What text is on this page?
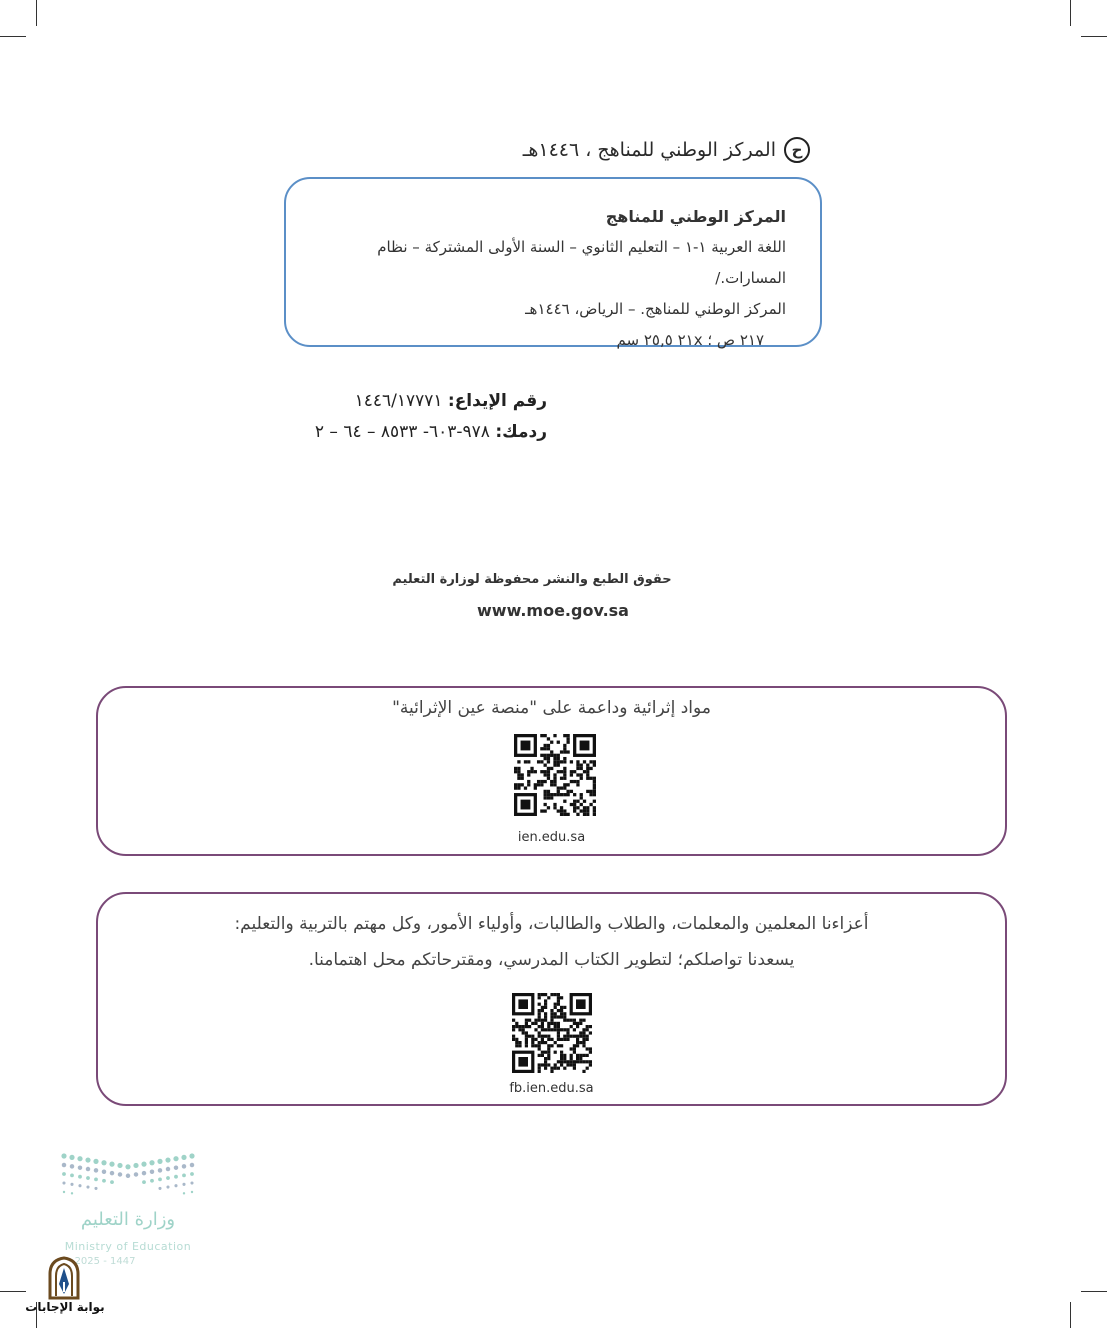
ح
المركز الوطني للمناهج ، ١٤٤٦هـ
المركز الوطني للمناهج
اللغة العربية ١-١ – التعليم الثانوي – السنة الأولى المشتركة – نظام المسارات./
المركز الوطني للمناهج. – الرياض، ١٤٤٦هـ
٢١٧ ص ؛ ٢١x ٢٥,٥ سم
رقم الإيداع: ١٤٤٦/١٧٧٧١
ردمك: ٩٧٨-٦٠٣- ٨٥٣٣ – ٦٤ – ٢
حقوق الطبع والنشر محفوظة لوزارة التعليم
www.moe.gov.sa
مواد إثرائية وداعمة على "منصة عين الإثرائية"
ien.edu.sa
أعزاءنا المعلمين والمعلمات، والطلاب والطالبات، وأولياء الأمور، وكل مهتم بالتربية والتعليم:
يسعدنا تواصلكم؛ لتطوير الكتاب المدرسي، ومقترحاتكم محل اهتمامنا.
fb.ien.edu.sa
وزارة التعليم
Ministry of Education
2025 - 1447
بوابة الإجابات
